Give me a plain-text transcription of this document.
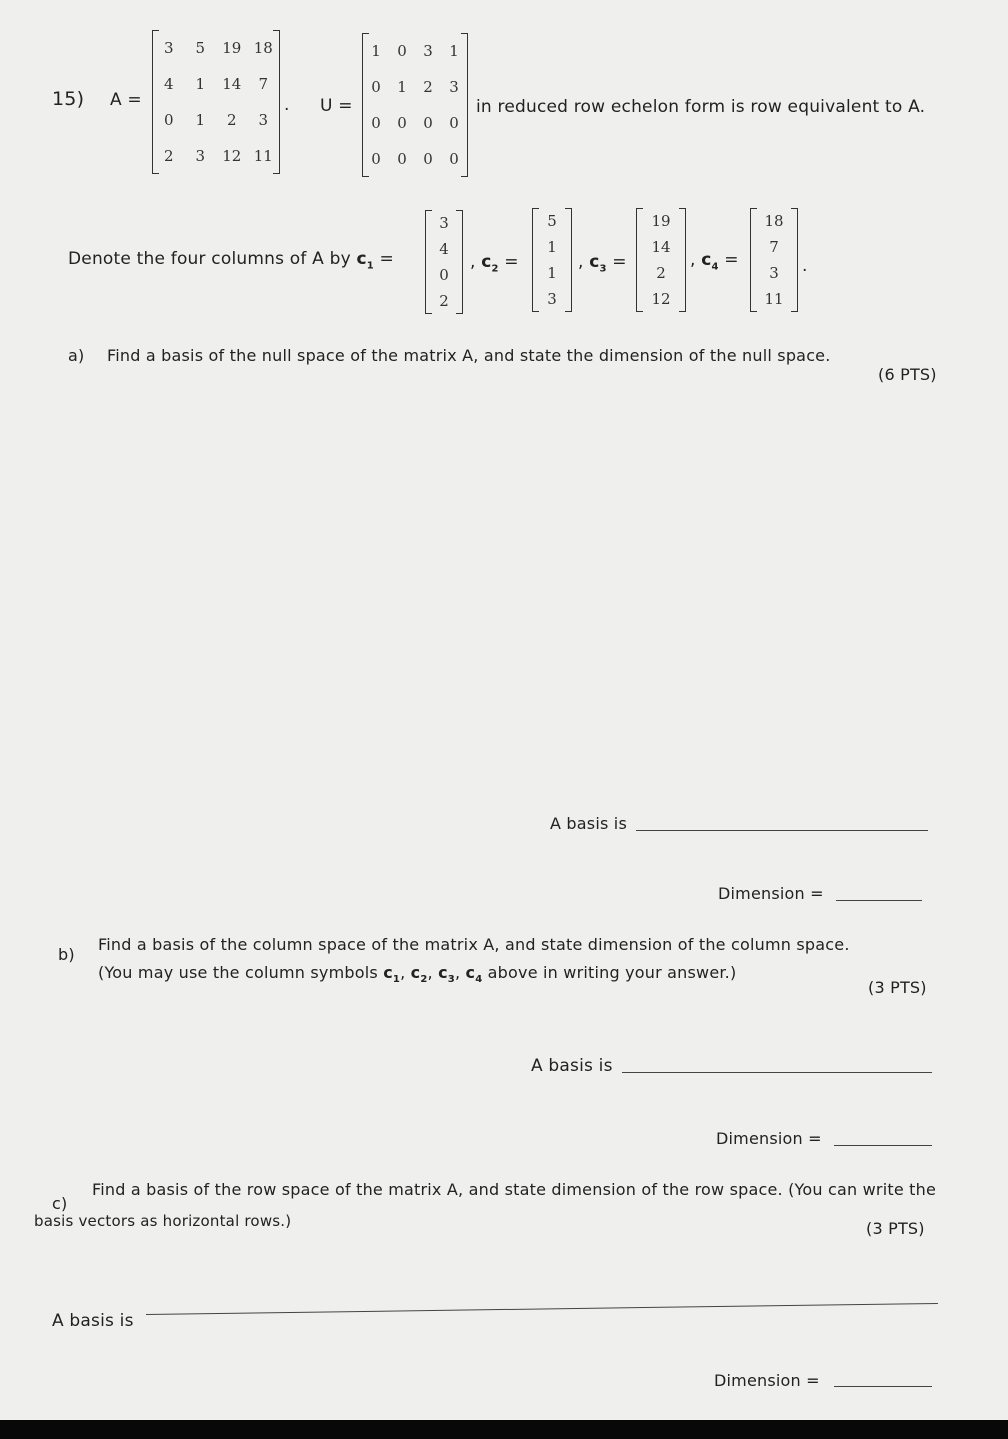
15) A =
3 5 19 18
4 1 14 7
0 1 2 3
2 3 12 11
. U =
1 0 3 1
0 1 2 3
0 0 0 0
0 0 0 0
in reduced row echelon form is row equivalent to A.
Denote the four columns of A by $c_1$ =
3
4
0
2
, $c_2$ =
5
1
1
3
, $c_3$ =
19
14
2
12
, $c_4$ =
18
7
3
11
.
a) Find a basis of the null space of the matrix A, and state the dimension of the null space.
(6 PTS)
A basis is
Dimension =
b)
Find a basis of the column space of the matrix A, and state dimension of the column space.
(You may use the column symbols $c_1$, $c_2$, $c_3$, $c_4$ above in writing your answer.)
(3 PTS)
A basis is
Dimension =
c)
Find a basis of the row space of the matrix A, and state dimension of the row space. (You can write the
basis vectors as horizontal rows.)	(3 PTS)
A basis is
Dimension =
